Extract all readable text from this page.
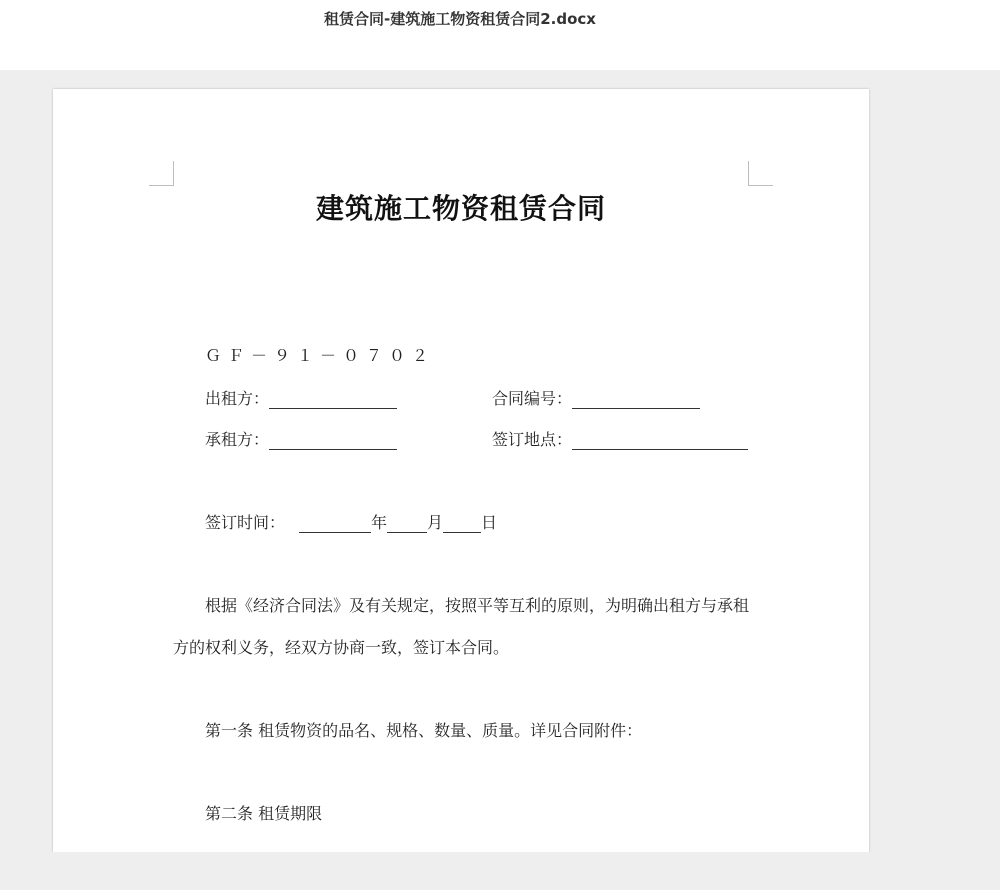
租赁合同-建筑施工物资租赁合同2.docx
建筑施工物资租赁合同
ＧＦ－９１－０７０２
出租方：	合同编号：
承租方：	签订地点：
签订时间：	年	月 日
根据《经济合同法》及有关规定，按照平等互利的原则，为明确出租方与承租
方的权利义务，经双方协商一致，签订本合同。
第一条 租赁物资的品名、规格、数量、质量。详见合同附件：
第二条 租赁期限
